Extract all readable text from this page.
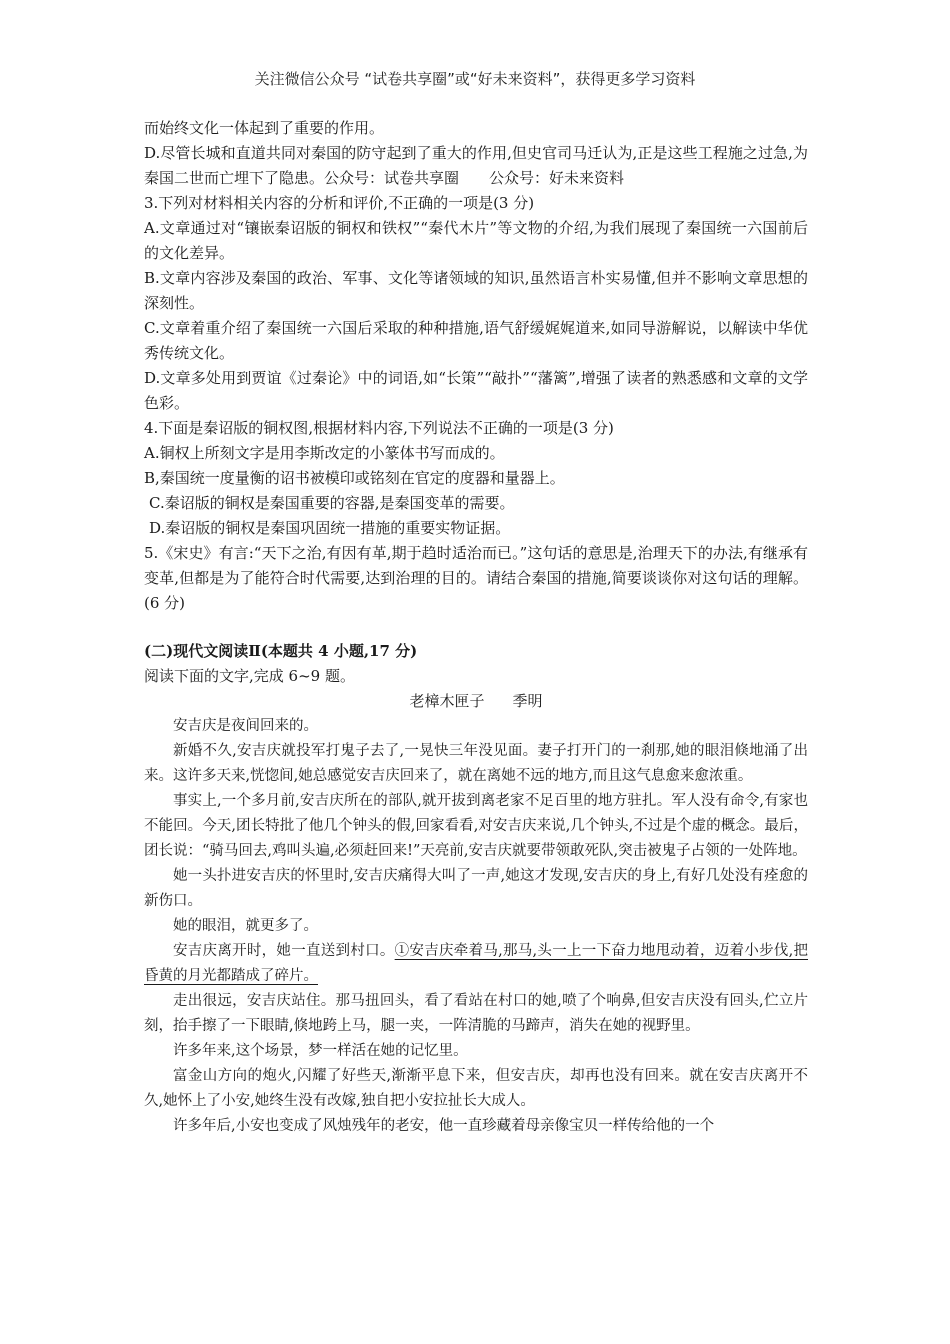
关注微信公众号 “试卷共享圈”或“好未来资料”，获得更多学习资料

而始终文化一体起到了重要的作用。

D.尽管长城和直道共同对秦国的防守起到了重大的作用,但史官司马迁认为,正是这些工程施之过急,为秦国二世而亡埋下了隐患。公众号：试卷共享圈　　公众号：好未来资料

3.下列对材料相关内容的分析和评价,不正确的一项是(3 分)

A.文章通过对“镶嵌秦诏版的铜权和铁权”“秦代木片”等文物的介绍,为我们展现了秦国统一六国前后的文化差异。

B.文章内容涉及秦国的政治、军事、文化等诸领域的知识,虽然语言朴实易懂,但并不影响文章思想的深刻性。

C.文章着重介绍了秦国统一六国后采取的种种措施,语气舒缓娓娓道来,如同导游解说，以解读中华优秀传统文化。

D.文章多处用到贾谊《过秦论》中的词语,如“长策”“敲扑”“藩篱”,增强了读者的熟悉感和文章的文学色彩。

4.下面是秦诏版的铜权图,根据材料内容,下列说法不正确的一项是(3 分)

A.铜权上所刻文字是用李斯改定的小篆体书写而成的。

B,秦国统一度量衡的诏书被模印或铭刻在官定的度器和量器上。

C.秦诏版的铜权是秦国重要的容器,是秦国变革的需要。

D.秦诏版的铜权是秦国巩固统一措施的重要实物证据。

5.《宋史》有言:“天下之治,有因有革,期于趋时适治而已。”这句话的意思是,治理天下的办法,有继承有变革,但都是为了能符合时代需要,达到治理的目的。请结合秦国的措施,简要谈谈你对这句话的理解。(6 分)

(二)现代文阅读Ⅱ(本题共 4 小题,17 分)

阅读下面的文字,完成 6~9 题。

老樟木匣子 季明

安吉庆是夜间回来的。

新婚不久,安吉庆就投军打鬼子去了,一晃快三年没见面。妻子打开门的一刹那,她的眼泪倏地涌了出来。这许多天来,恍惚间,她总感觉安吉庆回来了，就在离她不远的地方,而且这气息愈来愈浓重。

事实上,一个多月前,安吉庆所在的部队,就开拔到离老家不足百里的地方驻扎。军人没有命令,有家也不能回。今天,团长特批了他几个钟头的假,回家看看,对安吉庆来说,几个钟头,不过是个虚的概念。最后，团长说：“骑马回去,鸡叫头遍,必须赶回来!”天亮前,安吉庆就要带领敢死队,突击被鬼子占领的一处阵地。

她一头扑进安吉庆的怀里时,安吉庆痛得大叫了一声,她这才发现,安吉庆的身上,有好几处没有痊愈的新伤口。

她的眼泪，就更多了。

安吉庆离开时，她一直送到村口。①安吉庆牵着马,那马,头一上一下奋力地甩动着，迈着小步伐,把昏黄的月光都踏成了碎片。

走出很远，安吉庆站住。那马扭回头，看了看站在村口的她,喷了个响鼻,但安吉庆没有回头,伫立片刻，抬手擦了一下眼睛,倏地跨上马，腿一夹，一阵清脆的马蹄声，消失在她的视野里。

许多年来,这个场景，梦一样活在她的记忆里。

富金山方向的炮火,闪耀了好些天,渐渐平息下来，但安吉庆，却再也没有回来。就在安吉庆离开不久,她怀上了小安,她终生没有改嫁,独自把小安拉扯长大成人。

许多年后,小安也变成了风烛残年的老安，他一直珍藏着母亲像宝贝一样传给他的一个
